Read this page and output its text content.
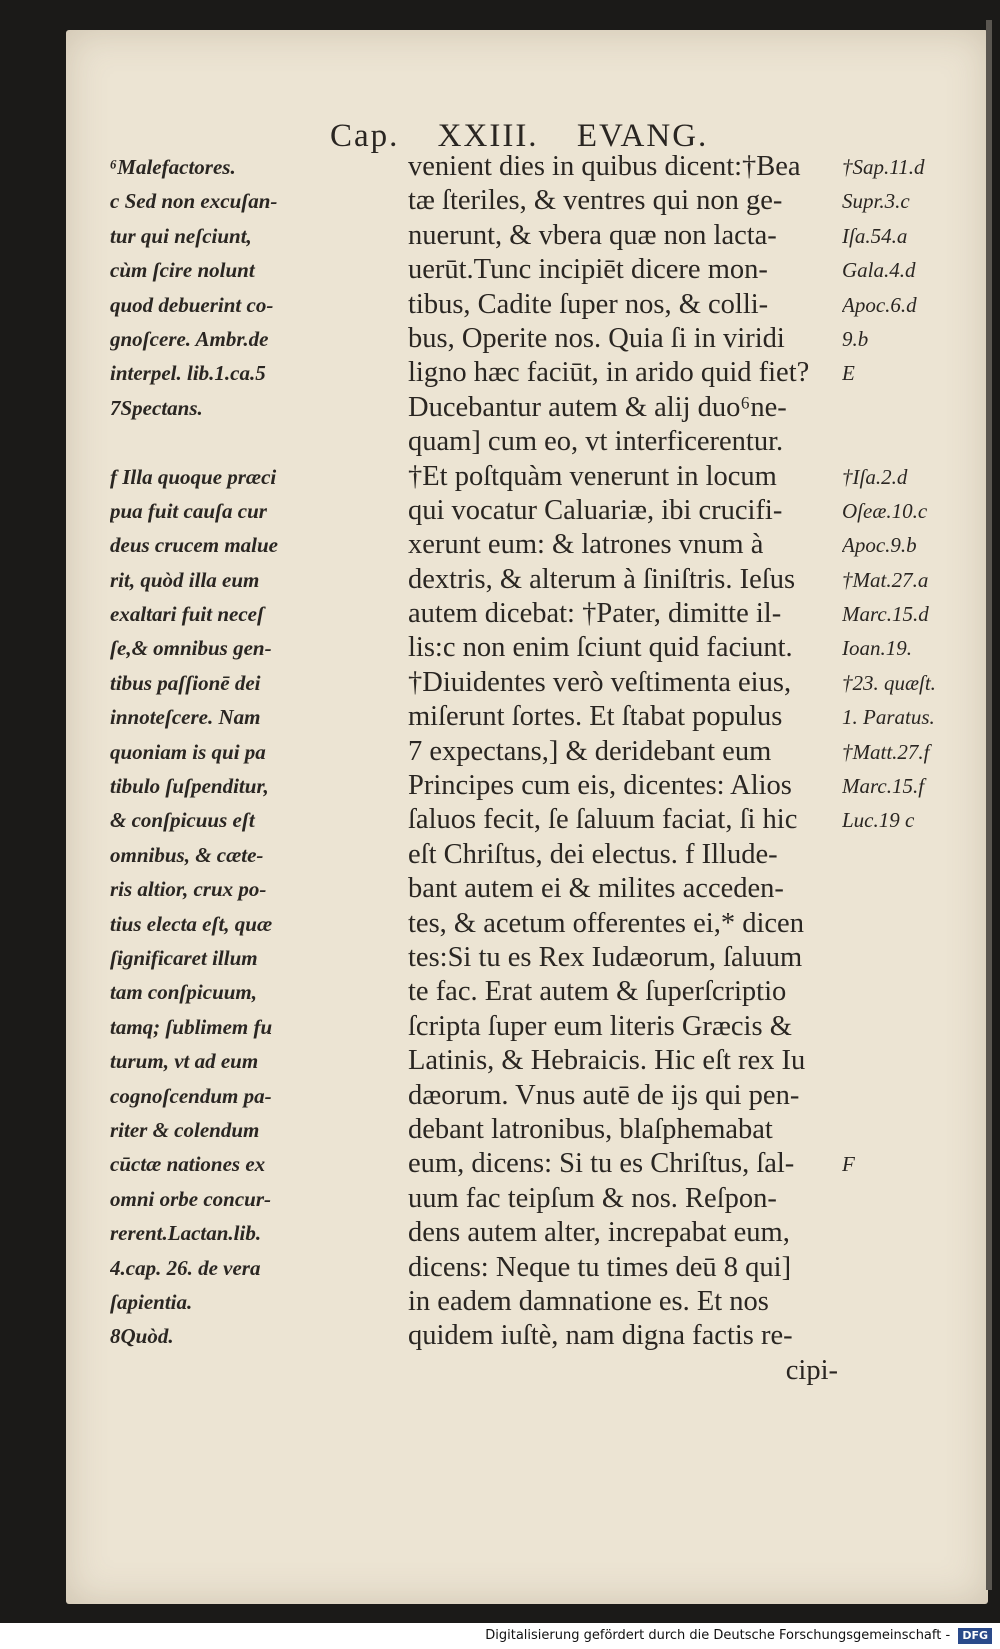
Cap. XXIII. EVANG.
⁶Malefactores.
c Sed non excuſan-
tur qui neſciunt,
cùm ſcire nolunt
quod debuerint co-
gnoſcere. Ambr.de
interpel. lib.1.ca.5
7Spectans.
f Illa quoque præci
pua fuit cauſa cur
deus crucem malue
rit, quòd illa eum
exaltari fuit neceſ
ſe,& omnibus gen-
tibus paſſionē dei
innoteſcere. Nam
quoniam is qui pa
tibulo ſuſpenditur,
& conſpicuus eſt
omnibus, & cæte-
ris altior, crux po-
tius electa eſt, quæ
ſignificaret illum
tam conſpicuum,
tamq; ſublimem fu
turum, vt ad eum
cognoſcendum pa-
riter & colendum
cūctæ nationes ex
omni orbe concur-
rerent.Lactan.lib.
4.cap. 26. de vera
ſapientia.
8Quòd.
venient dies in quibus dicent:†Bea
tæ ſteriles, & ventres qui non ge-
nuerunt, & vbera quæ non lacta-
uerūt.Tunc incipiēt dicere mon-
tibus, Cadite ſuper nos, & colli-
bus, Operite nos. Quia ſi in viridi
ligno hæc faciūt, in arido quid fiet?
Ducebantur autem & alij duo⁶ne-
quam] cum eo, vt interficerentur.
†Et poſtquàm venerunt in locum
qui vocatur Caluariæ, ibi crucifi-
xerunt eum: & latrones vnum à
dextris, & alterum à ſiniſtris. Ieſus
autem dicebat: †Pater, dimitte il-
lis:c non enim ſciunt quid faciunt.
†Diuidentes verò veſtimenta eius,
miſerunt ſortes. Et ſtabat populus
7 expectans,] & deridebant eum
Principes cum eis, dicentes: Alios
ſaluos fecit, ſe ſaluum faciat, ſi hic
eſt Chriſtus, dei electus. f Illude-
bant autem ei & milites acceden-
tes, & acetum offerentes ei,* dicen
tes:Si tu es Rex Iudæorum, ſaluum
te fac. Erat autem & ſuperſcriptio
ſcripta ſuper eum literis Græcis &
Latinis, & Hebraicis. Hic eſt rex Iu
dæorum. Vnus autē de ijs qui pen-
debant latronibus, blaſphemabat
eum, dicens: Si tu es Chriſtus, ſal-
uum fac teipſum & nos. Reſpon-
dens autem alter, increpabat eum,
dicens: Neque tu times deū 8 qui]
in eadem damnatione es. Et nos
quidem iuſtè, nam digna factis re-
cipi-
†Sap.11.d
Supr.3.c
Iſa.54.a
Gala.4.d
Apoc.6.d
9.b
E
†Iſa.2.d
Oſeæ.10.c
Apoc.9.b
†Mat.27.a
Marc.15.d
Ioan.19.
†23. quæſt.
1. Paratus.
†Matt.27.f
Marc.15.f
Luc.19 c
F
Digitalisierung gefördert durch die Deutsche Forschungsgemeinschaft - DFG
